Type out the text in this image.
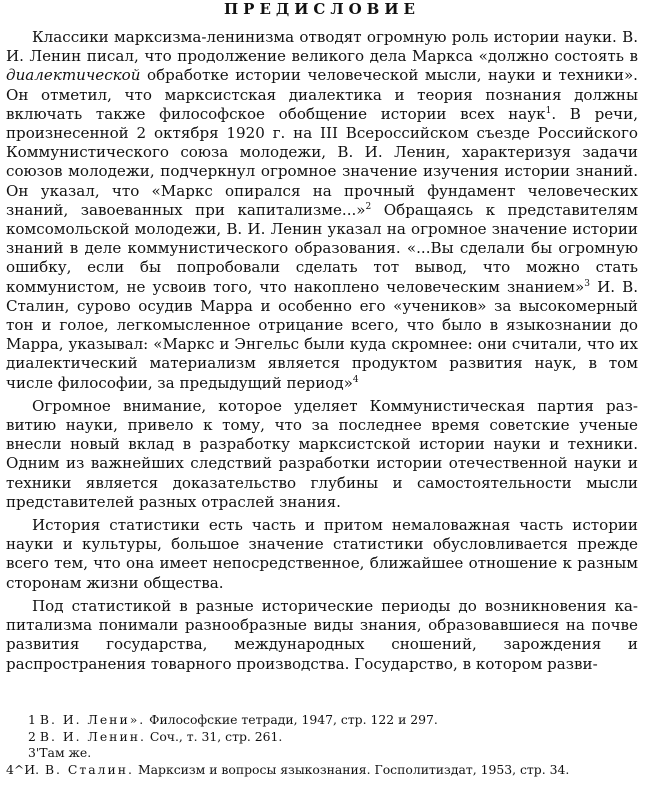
ПРЕДИСЛОВИЕ

Классики марксизма-ленинизма отводят огромную роль истории науки. В. И. Ленин писал, что продолжение великого дела Маркса «должно состоять в диалектической обработке истории человеческой мысли, науки и техники». Он отметил, что марксистская диалектика и теория познания должны включать также философское обобщение истории всех наук$^1$. В речи, произнесенной 2 октября 1920 г. на III Всероссийском съезде Российского Коммунистического союза молодежи, В. И. Ленин, характеризуя задачи союзов молодежи, подчеркнул огромное значение изучения истории знаний. Он указал, что «Маркс опирался на прочный фундамент человеческих знаний, завоеванных при капитализме...»$^2$ Обращаясь к представителям комсомольской молодежи, В. И. Ленин указал на огромное значение истории знаний в деле коммунистического образования. «...Вы сделали бы огромную ошибку, если бы попробовали сделать тот вывод, что можно стать коммунистом, не усвоив того, что накоплено человеческим знанием»$^3$ И. В. Сталин, сурово осудив Марра и особенно его «учеников» за высокомерный тон и голое, легкомысленное отрицание всего, что было в языкознании до Марра, указывал: «Маркс и Энгельс были куда скромнее: они считали, что их диалектический материализм является продуктом развития наук, в том числе философии, за предыдущий период»$^4$

Огромное внимание, которое уделяет Коммунистическая партия развитию науки, привело к тому, что за последнее время советские ученые внесли новый вклад в разработку марксистской истории науки и техники. Одним из важнейших следствий разработки истории отечественной науки и техники является доказательство глубины и самостоятельности мысли представителей разных отраслей знания.

История статистики есть часть и притом немаловажная часть истории науки и культуры, большое значение статистики обусловливается прежде всего тем, что она имеет непосредственное, ближайшее отношение к разным сторонам жизни общества.

Под статистикой в разные исторические периоды до возникновения капитализма понимали разнообразные виды знания, образовавшиеся на почве развития государства, международных сношений, зарождения и распространения товарного производства. Государство, в котором разви-

1 В. И. Лени». Философские тетради, 1947, стр. 122 и 297.

2 В. И. Ленин. Соч., т. 31, стр. 261.

3'Там же.

4^И. В. Сталин. Марксизм и вопросы языкознания. Госполитиздат, 1953, стр. 34.
